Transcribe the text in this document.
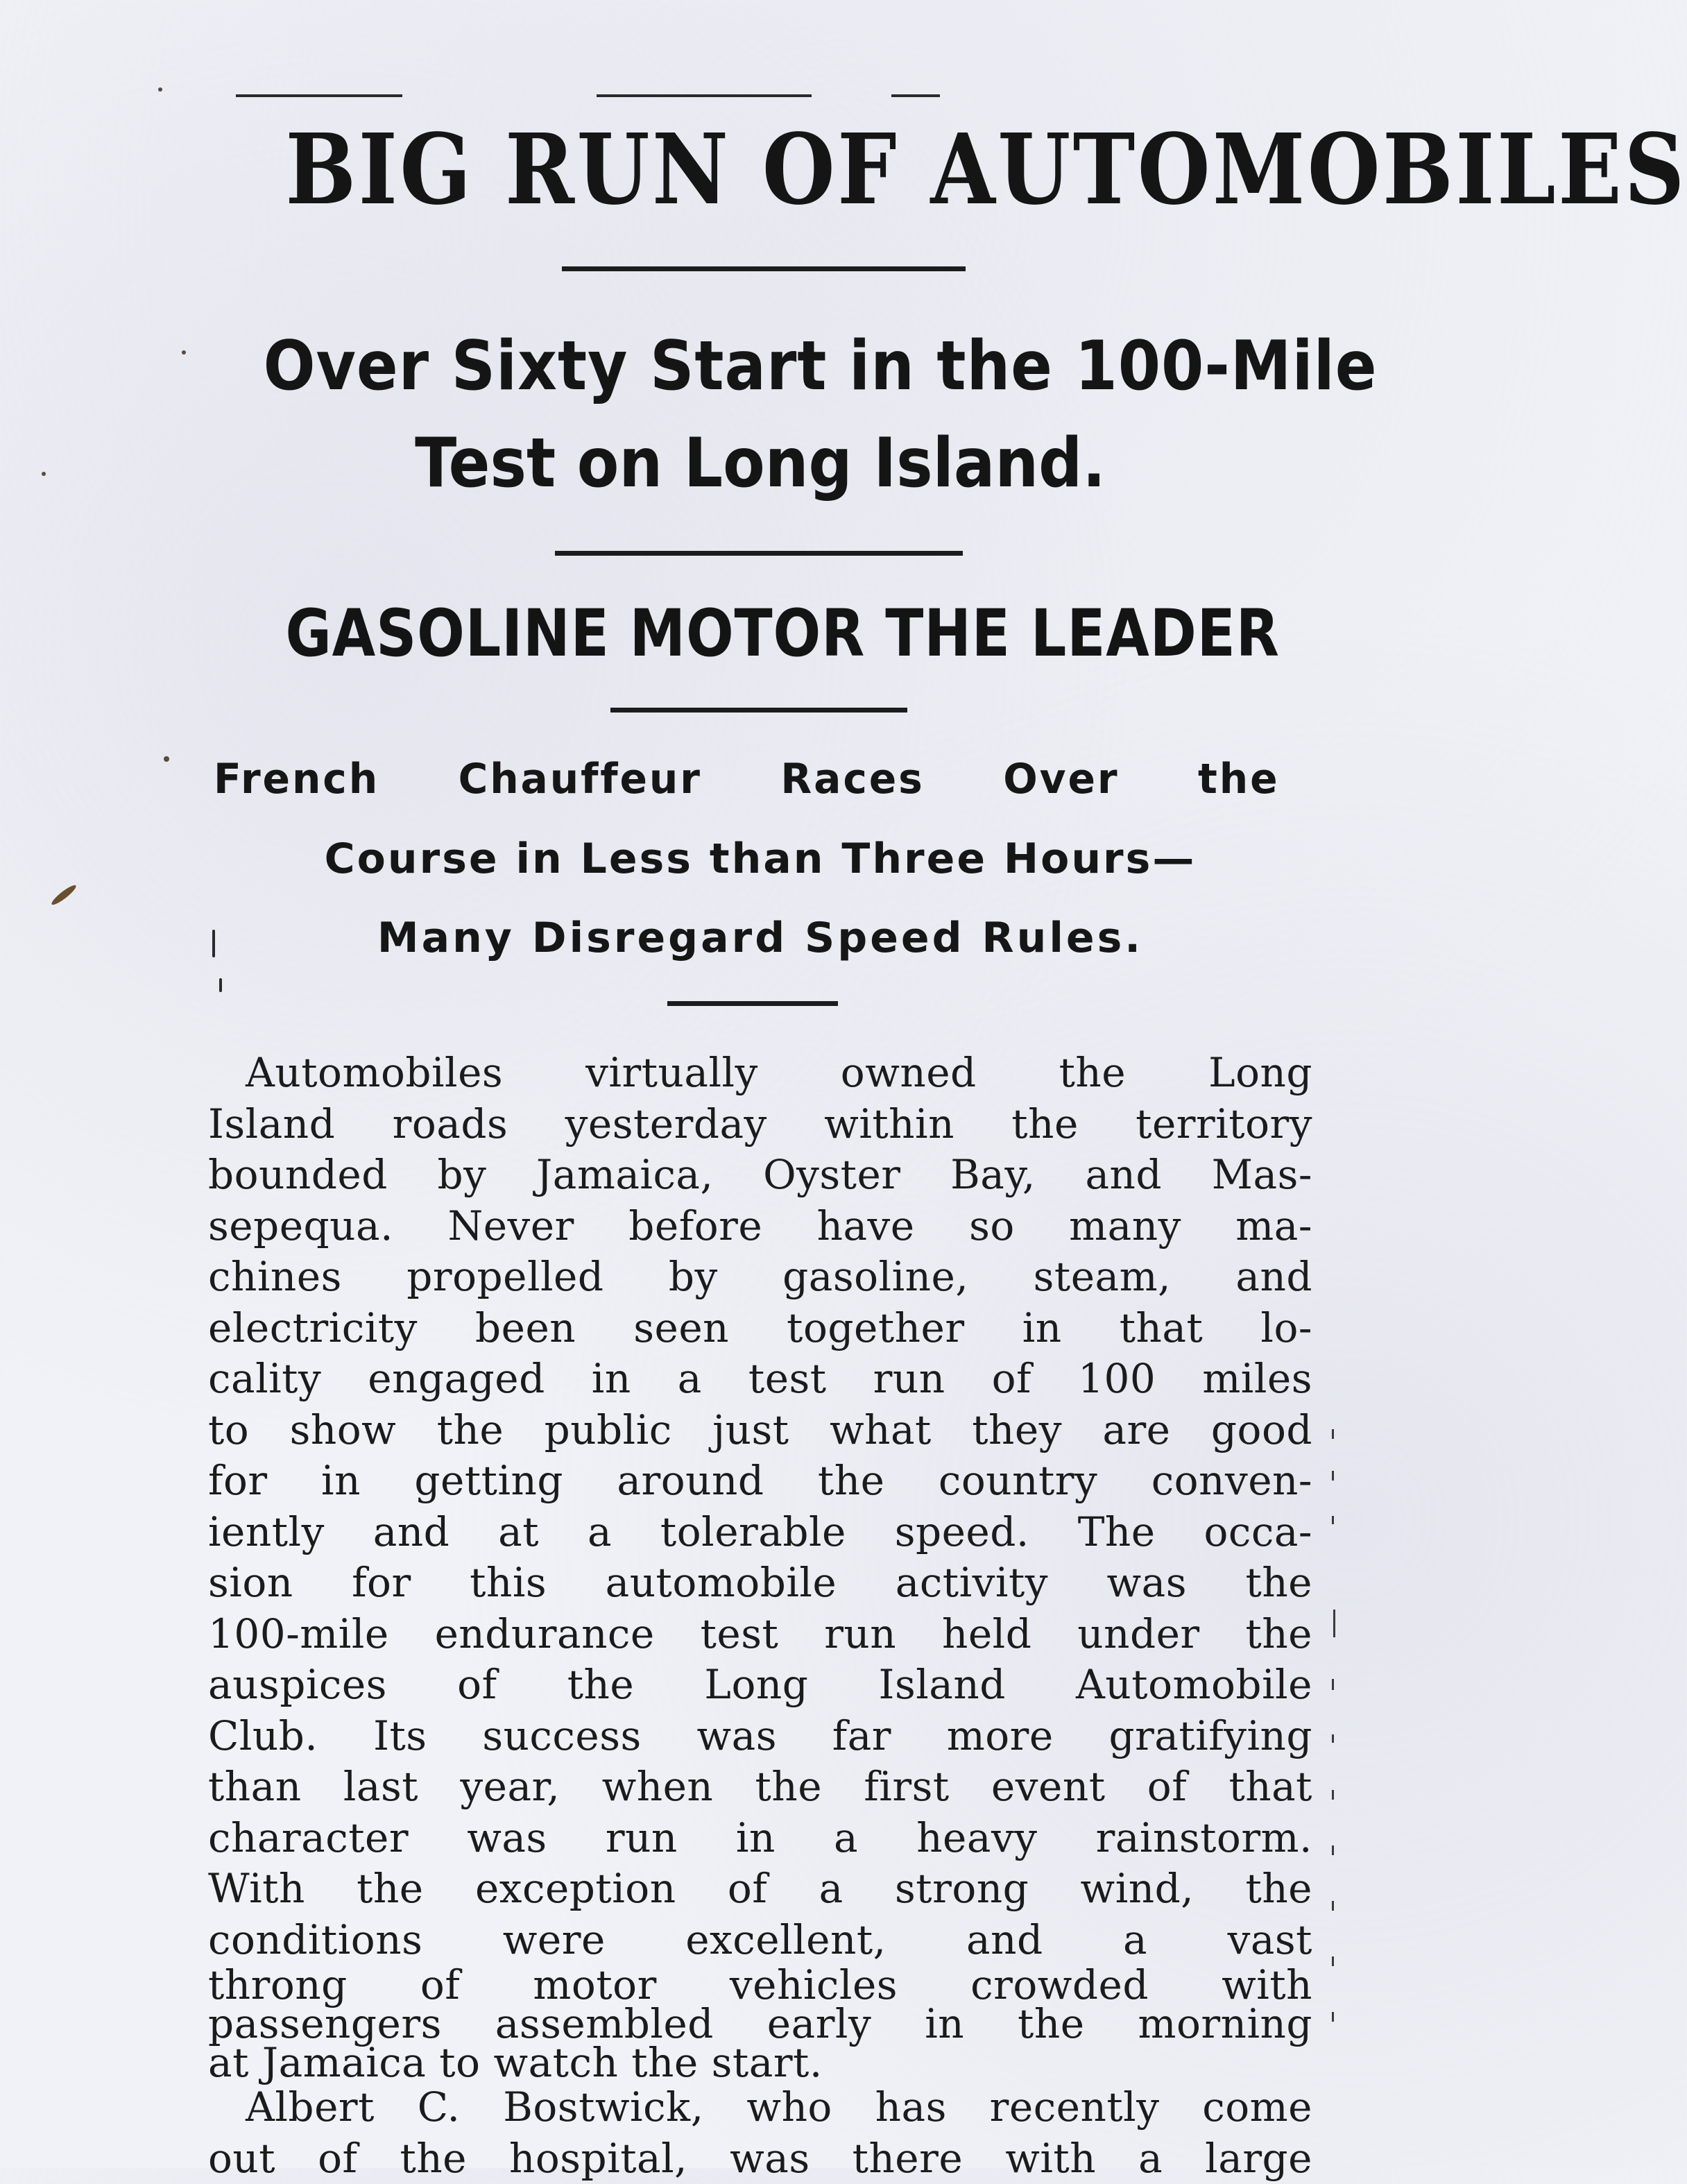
BIG RUN OF AUTOMOBILES
Over Sixty Start in the 100-Mile
Test on Long Island.
GASOLINE MOTOR THE LEADER

French Chauffeur Races Over the

Course in Less than Three Hours—

Many Disregard Speed Rules.

Automobiles virtually owned the Long
Island roads yesterday within the territory
bounded by Jamaica, Oyster Bay, and Mas-
sepequa. Never before have so many ma-
chines propelled by gasoline, steam, and
electricity been seen together in that lo-
cality engaged in a test run of 100 miles
to show the public just what they are good
for in getting around the country conven-
iently and at a tolerable speed. The occa-
sion for this automobile activity was the
100-mile endurance test run held under the
auspices of the Long Island Automobile
Club. Its success was far more gratifying
than last year, when the first event of that
character was run in a heavy rainstorm.
With the exception of a strong wind, the
conditions were excellent, and a vast
throng of motor vehicles crowded with
passengers assembled early in the morning
at Jamaica to watch the start.
Albert C. Bostwick, who has recently come
out of the hospital, was there with a large
